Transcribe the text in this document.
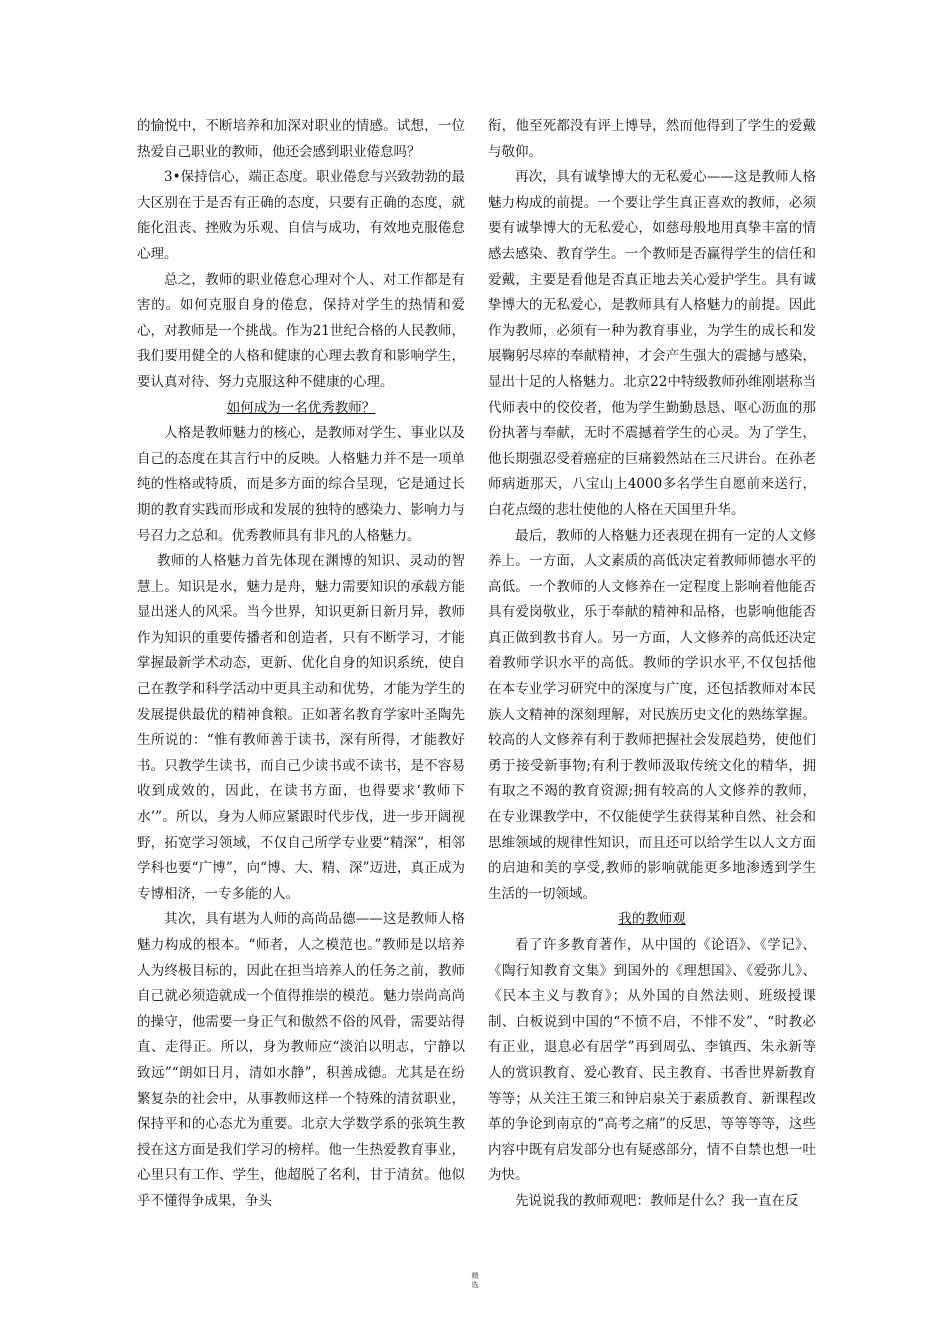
的愉悦中，不断培养和加深对职业的情感。试想，一位热爱自己职业的教师，他还会感到职业倦怠吗？

3•保持信心，端正态度。职业倦怠与兴致勃勃的最大区别在于是否有正确的态度，只要有正确的态度，就能化沮丧、挫败为乐观、自信与成功，有效地克服倦怠心理。

总之，教师的职业倦怠心理对个人、对工作都是有害的。如何克服自身的倦怠，保持对学生的热情和爱心，对教师是一个挑战。作为21世纪合格的人民教师，我们要用健全的人格和健康的心理去教育和影响学生，要认真对待、努力克服这种不健康的心理。

如何成为一名优秀教师？

人格是教师魅力的核心，是教师对学生、事业以及自己的态度在其言行中的反映。人格魅力并不是一项单纯的性格或特质，而是多方面的综合呈现，它是通过长期的教育实践而形成和发展的独特的感染力、影响力与号召力之总和。优秀教师具有非凡的人格魅力。

教师的人格魅力首先体现在渊博的知识、灵动的智慧上。知识是水，魅力是舟，魅力需要知识的承载方能显出迷人的风采。当今世界，知识更新日新月异，教师作为知识的重要传播者和创造者，只有不断学习，才能掌握最新学术动态，更新、优化自身的知识系统，使自己在教学和科学活动中更具主动和优势，才能为学生的发展提供最优的精神食粮。正如著名教育学家叶圣陶先生所说的：“惟有教师善于读书，深有所得，才能教好书。只教学生读书，而自己少读书或不读书，是不容易收到成效的，因此，在读书方面，也得要求‘教师下水’”。所以，身为人师应紧跟时代步伐，进一步开阔视野，拓宽学习领域，不仅自己所学专业要“精深”，相邻学科也要“广博”，向“博、大、精、深”迈进，真正成为专博相济，一专多能的人。

其次，具有堪为人师的高尚品德——这是教师人格魅力构成的根本。“师者，人之模范也。”教师是以培养人为终极目标的，因此在担当培养人的任务之前，教师自己就必须造就成一个值得推崇的模范。魅力崇尚高尚的操守，他需要一身正气和傲然不俗的风骨，需要站得直、走得正。所以，身为教师应“淡泊以明志，宁静以致远”“朗如日月，清如水静”，积善成德。尤其是在纷繁复杂的社会中，从事教师这样一个特殊的清贫职业，保持平和的心态尤为重要。北京大学数学系的张筑生教授在这方面是我们学习的榜样。他一生热爱教育事业，心里只有工作、学生，他超脱了名利，甘于清贫。他似乎不懂得争成果，争头

衔，他至死都没有评上博导，然而他得到了学生的爱戴与敬仰。

再次，具有诚挚博大的无私爱心——这是教师人格魅力构成的前提。一个要让学生真正喜欢的教师，必须要有诚挚博大的无私爱心，如慈母般地用真挚丰富的情感去感染、教育学生。一个教师是否赢得学生的信任和爱戴，主要是看他是否真正地去关心爱护学生。具有诚挚博大的无私爱心，是教师具有人格魅力的前提。因此作为教师，必须有一种为教育事业，为学生的成长和发展鞠躬尽瘁的奉献精神，才会产生强大的震撼与感染，显出十足的人格魅力。北京22中特级教师孙维刚堪称当代师表中的佼佼者，他为学生勤勤恳恳、呕心沥血的那份执著与奉献，无时不震撼着学生的心灵。为了学生，他长期强忍受着癌症的巨痛毅然站在三尺讲台。在孙老师病逝那天，八宝山上4000多名学生自愿前来送行，白花点缀的悲壮使他的人格在天国里升华。

最后，教师的人格魅力还表现在拥有一定的人文修养上。一方面，人文素质的高低决定着教师师德水平的高低。一个教师的人文修养在一定程度上影响着他能否具有爱岗敬业，乐于奉献的精神和品格，也影响他能否真正做到教书育人。另一方面，人文修养的高低还决定着教师学识水平的高低。教师的学识水平,不仅包括他在本专业学习研究中的深度与广度，还包括教师对本民族人文精神的深刻理解，对民族历史文化的熟练掌握。较高的人文修养有利于教师把握社会发展趋势，使他们勇于接受新事物;有利于教师汲取传统文化的精华，拥有取之不竭的教育资源;拥有较高的人文修养的教师，在专业课教学中，不仅能使学生获得某种自然、社会和思维领域的规律性知识，而且还可以给学生以人文方面的启迪和美的享受,教师的影响就能更多地渗透到学生生活的一切领域。

我的教师观

看了许多教育著作，从中国的《论语》、《学记》、《陶行知教育文集》到国外的《理想国》、《爱弥儿》、《民本主义与教育》；从外国的自然法则、班级授课制、白板说到中国的“不愤不启，不悱不发”、“时教必有正业，退息必有居学”再到周弘、李镇西、朱永新等人的赏识教育、爱心教育、民主教育、书香世界新教育等等；从关注王策三和钟启泉关于素质教育、新课程改革的争论到南京的“高考之痛”的反思，等等等等，这些内容中既有启发部分也有疑惑部分，情不自禁也想一吐为快。

先说说我的教师观吧：教师是什么？我一直在反

精
选
